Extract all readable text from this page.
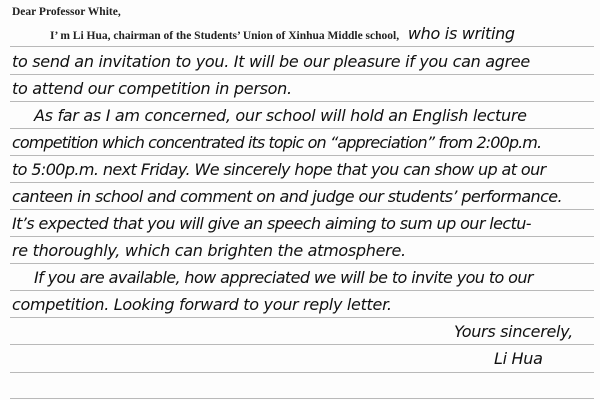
Dear Professor White,
I’ m Li Hua, chairman of the Students’ Union of Xinhua Middle school, who is writing
to send an invitation to you. It will be our pleasure if you can agree
to attend our competition in person.
As far as I am concerned, our school will hold an English lecture
competition which concentrated its topic on “appreciation” from 2:00p.m.
to 5:00p.m. next Friday. We sincerely hope that you can show up at our
canteen in school and comment on and judge our students’ performance.
It’s expected that you will give an speech aiming to sum up our lectu-
re thoroughly, which can brighten the atmosphere.
If you are available, how appreciated we will be to invite you to our
competition. Looking forward to your reply letter.
Yours sincerely,
Li Hua
